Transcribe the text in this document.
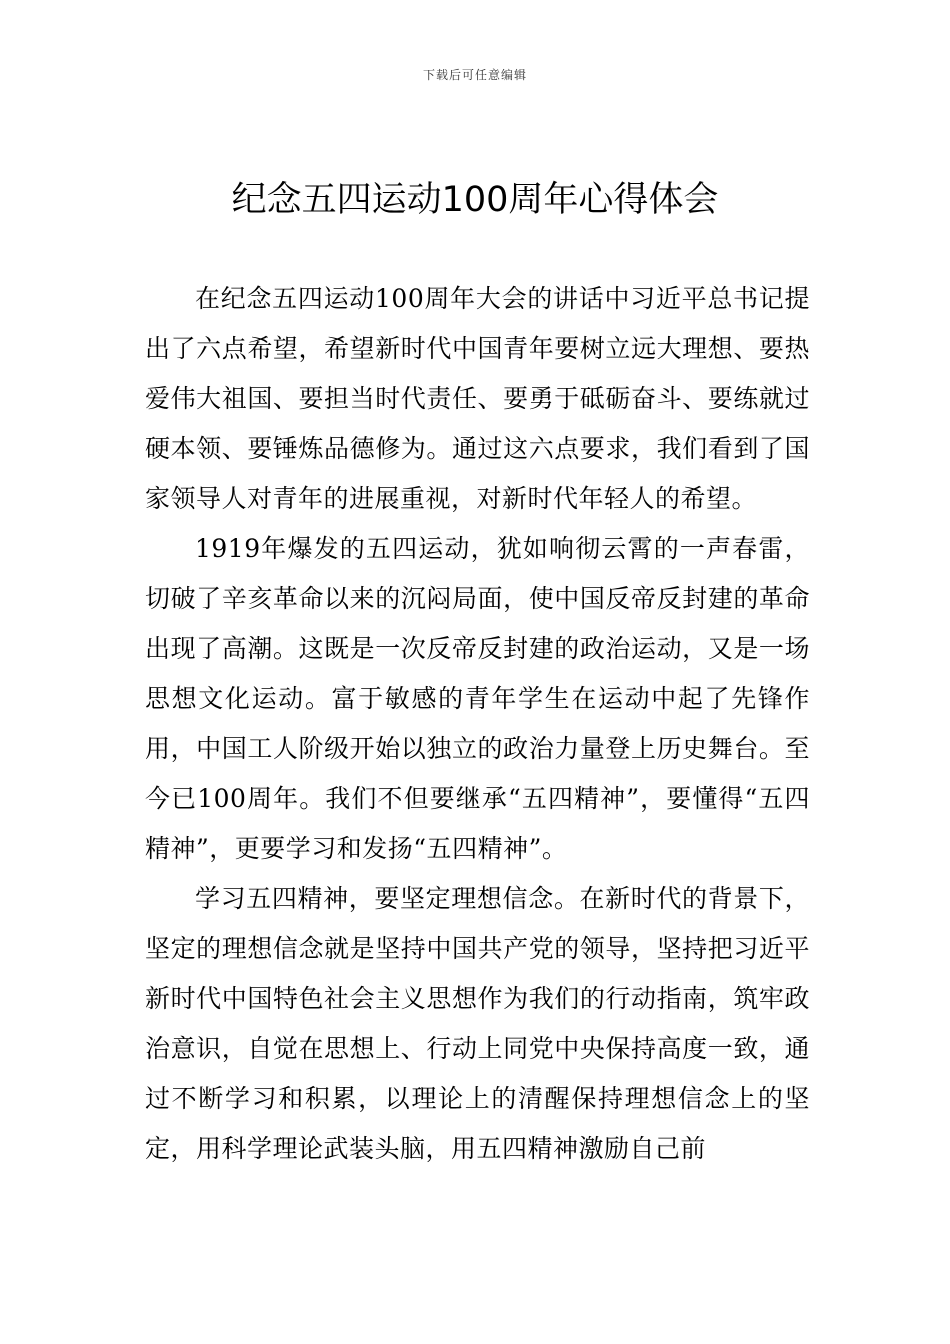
下载后可任意编辑
纪念五四运动100周年心得体会

在纪念五四运动100周年大会的讲话中习近平总书记提出了六点希望，希望新时代中国青年要树立远大理想、要热爱伟大祖国、要担当时代责任、要勇于砥砺奋斗、要练就过硬本领、要锤炼品德修为。通过这六点要求，我们看到了国家领导人对青年的进展重视，对新时代年轻人的希望。

1919年爆发的五四运动，犹如响彻云霄的一声春雷，切破了辛亥革命以来的沉闷局面，使中国反帝反封建的革命出现了高潮。这既是一次反帝反封建的政治运动，又是一场思想文化运动。富于敏感的青年学生在运动中起了先锋作用，中国工人阶级开始以独立的政治力量登上历史舞台。至今已100周年。我们不但要继承“五四精神”，要懂得“五四精神”，更要学习和发扬“五四精神”。

学习五四精神，要坚定理想信念。在新时代的背景下，坚定的理想信念就是坚持中国共产党的领导，坚持把习近平新时代中国特色社会主义思想作为我们的行动指南，筑牢政治意识，自觉在思想上、行动上同党中央保持高度一致，通过不断学习和积累，以理论上的清醒保持理想信念上的坚定，用科学理论武装头脑，用五四精神激励自己前
